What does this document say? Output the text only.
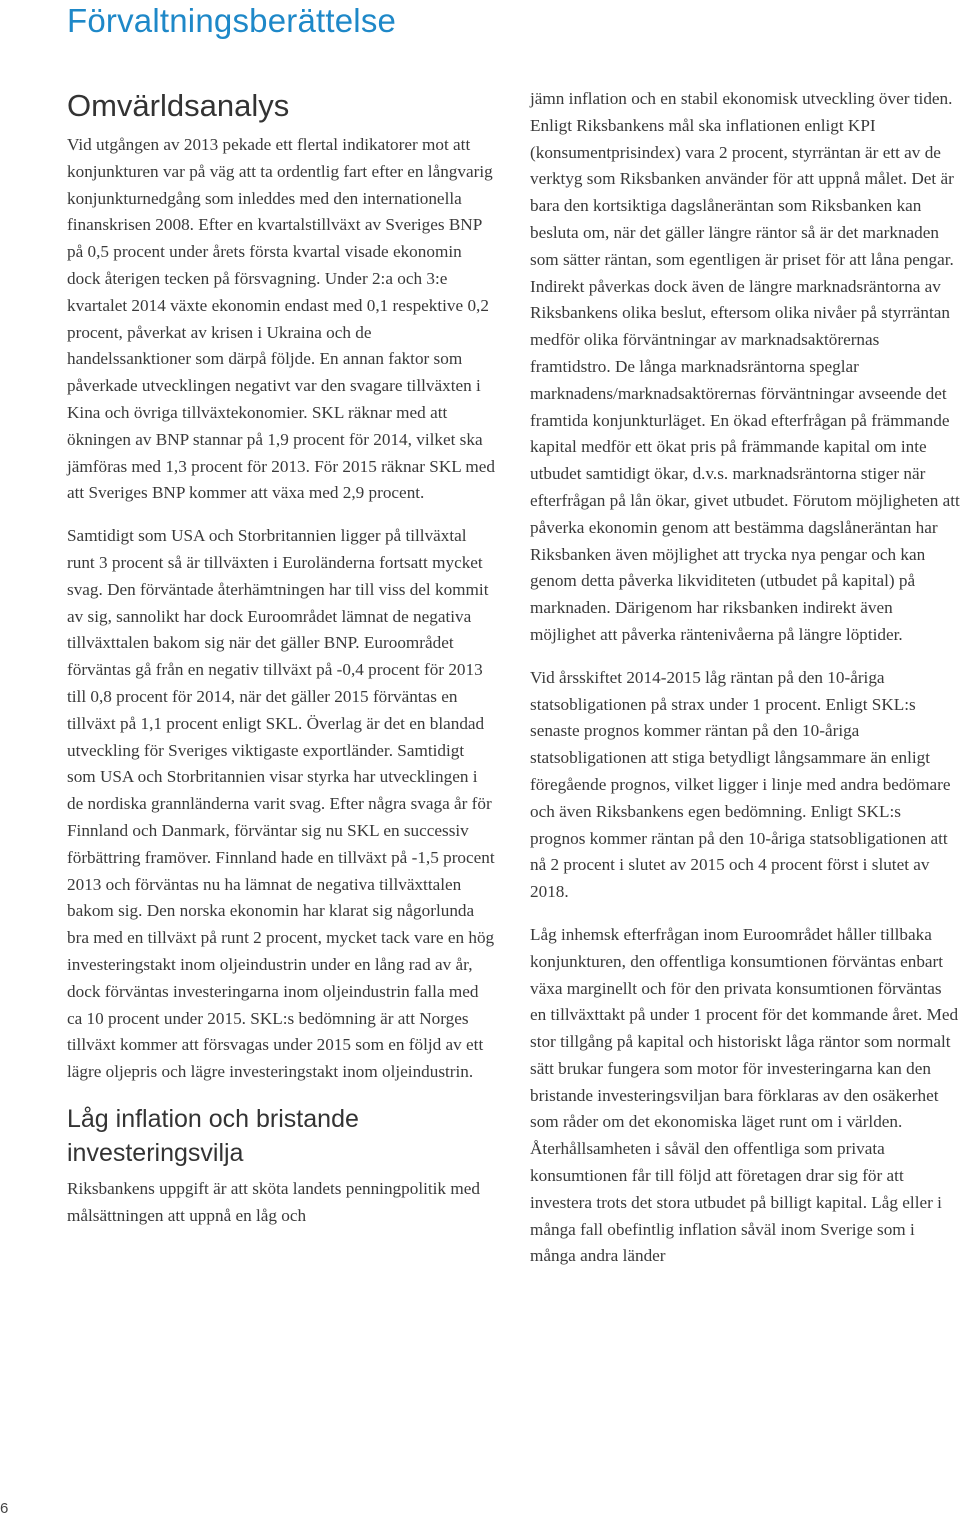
Förvaltningsberättelse
Omvärldsanalys

Vid utgången av 2013 pekade ett flertal indikatorer mot att konjunkturen var på väg att ta ordentlig fart efter en långvarig konjunkturnedgång som inleddes med den internationella finanskrisen 2008. Efter en kvartalstillväxt av Sveriges BNP på 0,5 procent under årets första kvartal visade ekonomin dock återigen tecken på försvagning. Under 2:a och 3:e kvartalet 2014 växte ekonomin endast med 0,1 respektive 0,2 procent, påverkat av krisen i Ukraina och de handelssanktioner som därpå följde. En annan faktor som påverkade utvecklingen negativt var den svagare tillväxten i Kina och övriga tillväxtekonomier. SKL räknar med att ökningen av BNP stannar på 1,9 procent för 2014, vilket ska jämföras med 1,3 procent för 2013. För 2015 räknar SKL med att Sveriges BNP kommer att växa med 2,9 procent.

Samtidigt som USA och Storbritannien ligger på tillväxtal runt 3 procent så är tillväxten i Euroländerna fortsatt mycket svag. Den förväntade återhämtningen har till viss del kommit av sig, sannolikt har dock Euroområdet lämnat de negativa tillväxttalen bakom sig när det gäller BNP. Euroområdet förväntas gå från en negativ tillväxt på -0,4 procent för 2013 till 0,8 procent för 2014, när det gäller 2015 förväntas en tillväxt på 1,1 procent enligt SKL. Överlag är det en blandad utveckling för Sveriges viktigaste exportländer. Samtidigt som USA och Storbritannien visar styrka har utvecklingen i de nordiska grannländerna varit svag. Efter några svaga år för Finnland och Danmark, förväntar sig nu SKL en successiv förbättring framöver. Finnland hade en tillväxt på -1,5 procent 2013 och förväntas nu ha lämnat de negativa tillväxttalen bakom sig. Den norska ekonomin har klarat sig någorlunda bra med en tillväxt på runt 2 procent, mycket tack vare en hög investeringstakt inom oljeindustrin under en lång rad av år, dock förväntas investeringarna inom oljeindustrin falla med ca 10 procent under 2015. SKL:s bedömning är att Norges tillväxt kommer att försvagas under 2015 som en följd av ett lägre oljepris och lägre investeringstakt inom oljeindustrin.

Låg inflation och bristande investeringsvilja

Riksbankens uppgift är att sköta landets penningpolitik med målsättningen att uppnå en låg och

jämn inflation och en stabil ekonomisk utveckling över tiden. Enligt Riksbankens mål ska inflationen enligt KPI (konsumentprisindex) vara 2 procent, styrräntan är ett av de verktyg som Riksbanken använder för att uppnå målet. Det är bara den kortsiktiga dagslåneräntan som Riksbanken kan besluta om, när det gäller längre räntor så är det marknaden som sätter räntan, som egentligen är priset för att låna pengar. Indirekt påverkas dock även de längre marknadsräntorna av Riksbankens olika beslut, eftersom olika nivåer på styrräntan medför olika förväntningar av marknadsaktörernas framtidstro. De långa marknadsräntorna speglar marknadens/marknadsaktörernas förväntningar avseende det framtida konjunkturläget. En ökad efterfrågan på främmande kapital medför ett ökat pris på främmande kapital om inte utbudet samtidigt ökar, d.v.s. marknadsräntorna stiger när efterfrågan på lån ökar, givet utbudet. Förutom möjligheten att påverka ekonomin genom att bestämma dagslåneräntan har Riksbanken även möjlighet att trycka nya pengar och kan genom detta påverka likviditeten (utbudet på kapital) på marknaden. Därigenom har riksbanken indirekt även möjlighet att påverka räntenivåerna på längre löptider.

Vid årsskiftet 2014-2015 låg räntan på den 10-åriga statsobligationen på strax under 1 procent. Enligt SKL:s senaste prognos kommer räntan på den 10-åriga statsobligationen att stiga betydligt långsammare än enligt föregående prognos, vilket ligger i linje med andra bedömare och även Riksbankens egen bedömning. Enligt SKL:s prognos kommer räntan på den 10-åriga statsobligationen att nå 2 procent i slutet av 2015 och 4 procent först i slutet av 2018.

Låg inhemsk efterfrågan inom Euroområdet håller tillbaka konjunkturen, den offentliga konsumtionen förväntas enbart växa marginellt och för den privata konsumtionen förväntas en tillväxttakt på under 1 procent för det kommande året. Med stor tillgång på kapital och historiskt låga räntor som normalt sätt brukar fungera som motor för investeringarna kan den bristande investeringsviljan bara förklaras av den osäkerhet som råder om det ekonomiska läget runt om i världen. Återhållsamheten i såväl den offentliga som privata konsumtionen får till följd att företagen drar sig för att investera trots det stora utbudet på billigt kapital. Låg eller i många fall obefintlig inflation såväl inom Sverige som i många andra länder

6
